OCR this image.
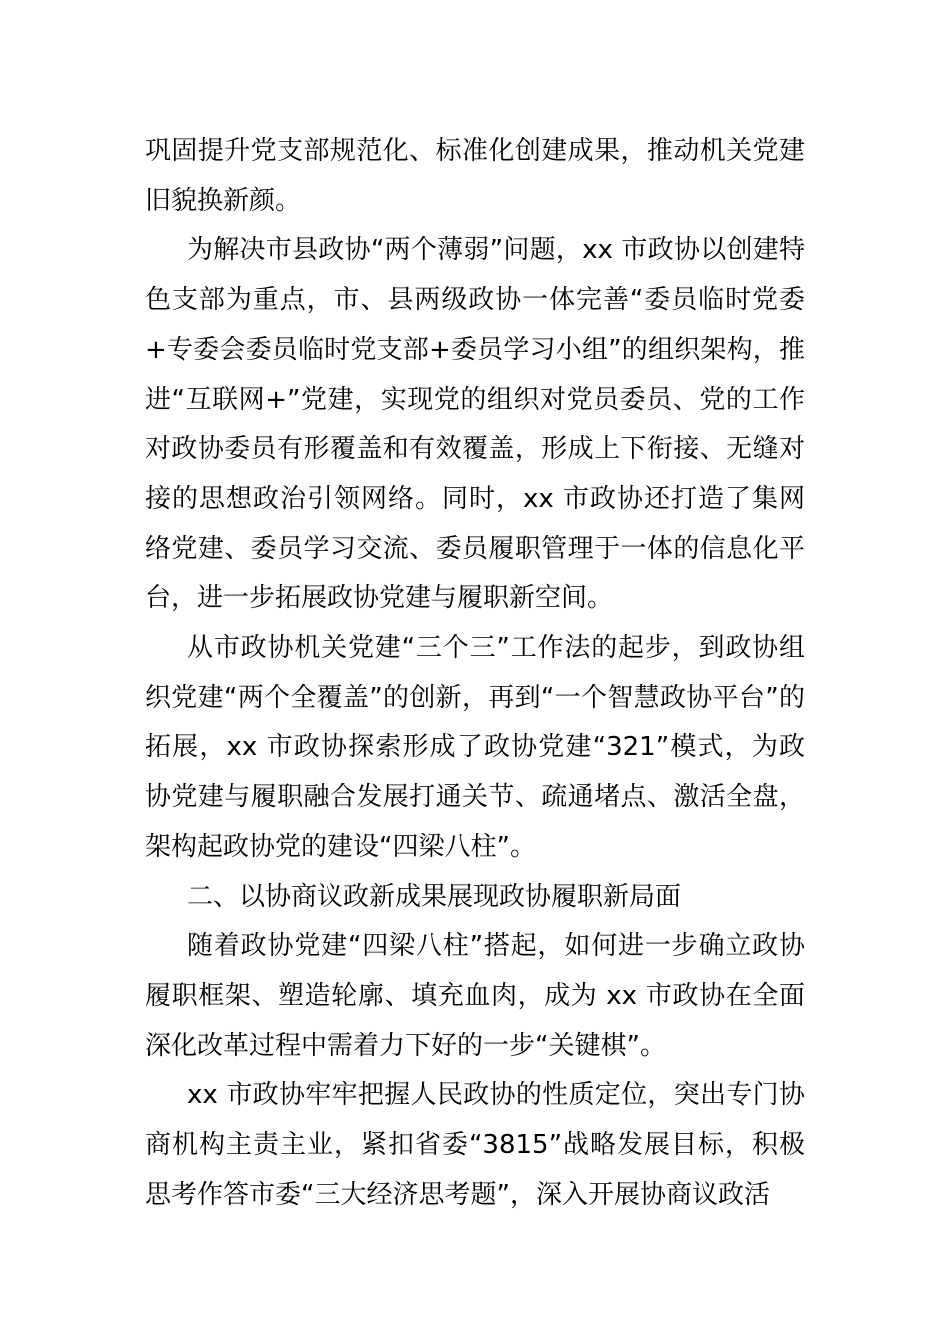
巩固提升党支部规范化、标准化创建成果，推动机关党建旧貌换新颜。

为解决市县政协“两个薄弱”问题，xx 市政协以创建特色支部为重点，市、县两级政协一体完善“委员临时党委+专委会委员临时党支部+委员学习小组”的组织架构，推进“互联网+”党建，实现党的组织对党员委员、党的工作对政协委员有形覆盖和有效覆盖，形成上下衔接、无缝对接的思想政治引领网络。同时，xx 市政协还打造了集网络党建、委员学习交流、委员履职管理于一体的信息化平台，进一步拓展政协党建与履职新空间。

从市政协机关党建“三个三”工作法的起步，到政协组织党建“两个全覆盖”的创新，再到“一个智慧政协平台”的拓展，xx 市政协探索形成了政协党建“321”模式，为政协党建与履职融合发展打通关节、疏通堵点、激活全盘，架构起政协党的建设“四梁八柱”。

二、以协商议政新成果展现政协履职新局面

随着政协党建“四梁八柱”搭起，如何进一步确立政协履职框架、塑造轮廓、填充血肉，成为 xx 市政协在全面深化改革过程中需着力下好的一步“关键棋”。

xx 市政协牢牢把握人民政协的性质定位，突出专门协商机构主责主业，紧扣省委“3815”战略发展目标，积极思考作答市委“三大经济思考题”，深入开展协商议政活
